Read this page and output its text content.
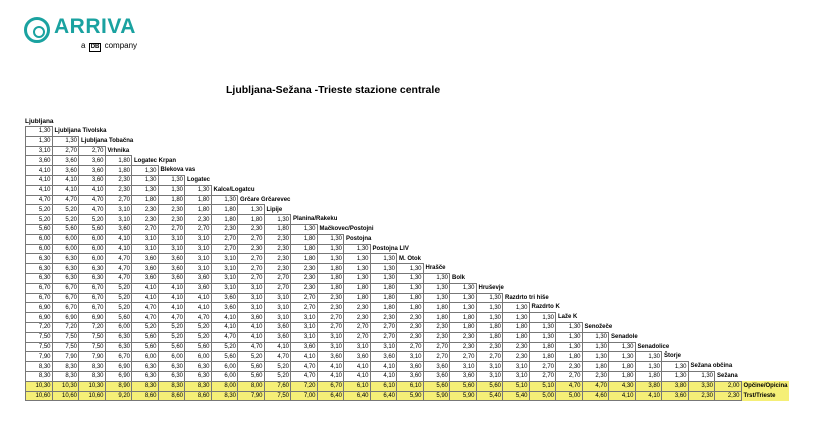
ARRIVA
a DB company
Ljubljana-Sežana -Trieste stazione centrale
Ljubljana
1,30	Ljubljana Tivolska																										
1,30	1,30	Ljubljana Tobačna																									
3,10	2,70	2,70	Vrhnika																								
3,60	3,60	3,60	1,80	Logatec Krpan																							
4,10	3,60	3,60	1,80	1,30	Blekova vas																						
4,10	4,10	3,60	2,30	1,30	1,30	Logatec																					
4,10	4,10	4,10	2,30	1,30	1,30	1,30	Kalce/Logatcu																				
4,70	4,70	4,70	2,70	1,80	1,80	1,80	1,30	Grčare Grčarevec																			
5,20	5,20	4,70	3,10	2,30	2,30	1,80	1,80	1,30	Lipije																		
5,20	5,20	5,20	3,10	2,30	2,30	2,30	1,80	1,80	1,30	Planina/Rakeku																	
5,60	5,60	5,60	3,60	2,70	2,70	2,70	2,30	2,30	1,80	1,30	Mačkovec/Postojni																
6,00	6,00	6,00	4,10	3,10	3,10	3,10	2,70	2,70	2,30	1,80	1,30	Postojna															
6,00	6,00	6,00	4,10	3,10	3,10	3,10	2,70	2,30	2,30	1,80	1,30	1,30	Postojna LIV														
6,30	6,30	6,00	4,70	3,60	3,60	3,10	3,10	2,70	2,30	1,80	1,30	1,30	1,30	M. Otok													
6,30	6,30	6,30	4,70	3,60	3,60	3,10	3,10	2,70	2,30	2,30	1,80	1,30	1,30	1,30	Hrašče												
6,30	6,30	6,30	4,70	3,60	3,60	3,60	3,10	2,70	2,70	2,30	1,80	1,30	1,30	1,30	1,30	Bolk											
6,70	6,70	6,70	5,20	4,10	4,10	3,60	3,10	3,10	2,70	2,30	1,80	1,80	1,80	1,30	1,30	1,30	Hruševje										
6,70	6,70	6,70	5,20	4,10	4,10	4,10	3,60	3,10	3,10	2,70	2,30	1,80	1,80	1,80	1,30	1,30	1,30	Razdrto tri hiše									
6,90	6,70	6,70	5,20	4,70	4,10	4,10	3,60	3,10	3,10	2,70	2,30	2,30	1,80	1,80	1,80	1,30	1,30	1,30	Razdrto K								
6,90	6,90	6,90	5,60	4,70	4,70	4,70	4,10	3,60	3,10	3,10	2,70	2,30	2,30	2,30	1,80	1,80	1,30	1,30	1,30	Laže K							
7,20	7,20	7,20	6,00	5,20	5,20	5,20	4,10	4,10	3,60	3,10	2,70	2,70	2,70	2,30	2,30	1,80	1,80	1,80	1,30	1,30	Senožeče						
7,50	7,50	7,50	6,30	5,60	5,20	5,20	4,70	4,10	3,60	3,10	3,10	2,70	2,70	2,30	2,30	2,30	1,80	1,80	1,30	1,30	1,30	Senadole					
7,50	7,50	7,50	6,30	5,60	5,60	5,60	5,20	4,70	4,10	3,60	3,10	3,10	3,10	2,70	2,70	2,30	2,30	2,30	1,80	1,30	1,30	1,30	Senadolice				
7,90	7,90	7,90	6,70	6,00	6,00	6,00	5,60	5,20	4,70	4,10	3,60	3,60	3,60	3,10	2,70	2,70	2,70	2,30	1,80	1,80	1,30	1,30	1,30	Štorje			
8,30	8,30	8,30	6,90	6,30	6,30	6,30	6,00	5,60	5,20	4,70	4,10	4,10	4,10	3,60	3,60	3,10	3,10	3,10	2,70	2,30	1,80	1,80	1,30	1,30	Sežana občina		
8,30	8,30	8,30	6,90	6,30	6,30	6,30	6,00	5,60	5,20	4,70	4,10	4,10	4,10	3,60	3,60	3,60	3,10	3,10	2,70	2,70	2,30	1,80	1,80	1,30	1,30	Sežana	
10,30	10,30	10,30	8,90	8,30	8,30	8,30	8,00	8,00	7,60	7,20	6,70	6,10	6,10	6,10	5,60	5,60	5,60	5,10	5,10	4,70	4,70	4,30	3,80	3,80	3,30	2,00	Opčine/Opicina
10,60	10,60	10,60	9,20	8,60	8,60	8,60	8,30	7,90	7,50	7,00	6,40	6,40	6,40	5,90	5,90	5,90	5,40	5,40	5,00	5,00	4,60	4,10	4,10	3,60	2,30	2,30	Trst/Trieste
